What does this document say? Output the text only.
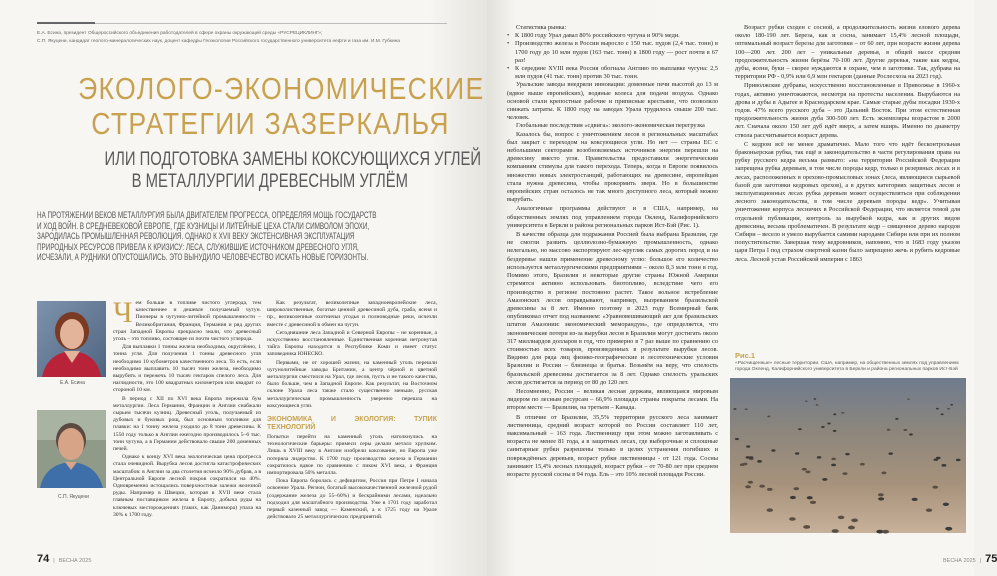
Е.А. Есина, президент Общероссийского объединения работодателей в сфере охраны окружающей среды «РУСРЕЦИКЛИНГ»;
С.П. Якуцени, кандидат геолого-минералогических наук, доцент кафедры Геоэкологии Российского государственного университета нефти и газа им. И.М. Губкина
ЭКОЛОГО-ЭКОНОМИЧЕСКИЕ
СТРАТЕГИИ ЗАЗЕРКАЛЬЯ
ИЛИ ПОДГОТОВКА ЗАМЕНЫ КОКСУЮЩИХСЯ УГЛЕЙ
В МЕТАЛЛУРГИИ ДРЕВЕСНЫМ УГЛЁМ
НА ПРОТЯЖЕНИИ ВЕКОВ МЕТАЛЛУРГИЯ БЫЛА ДВИГАТЕЛЕМ ПРОГРЕССА, ОПРЕДЕЛЯЯ МОЩЬ ГОСУДАРСТВ
И ХОД ВОЙН. В СРЕДНЕВЕКОВОЙ ЕВРОПЕ, ГДЕ КУЗНИЦЫ И ЛИТЕЙНЫЕ ЦЕХА СТАЛИ СИМВОЛОМ ЭПОХИ,
ЗАРОДИЛАСЬ ПРОМЫШЛЕННАЯ РЕВОЛЮЦИЯ. ОДНАКО К XVII ВЕКУ ЭКСТЕНСИВНАЯ ЭКСПЛУАТАЦИЯ
ПРИРОДНЫХ РЕСУРСОВ ПРИВЕЛА К КРИЗИСУ: ЛЕСА, СЛУЖИВШИЕ ИСТОЧНИКОМ ДРЕВЕСНОГО УГЛЯ,
ИСЧЕЗАЛИ, А РУДНИКИ ОПУСТОШАЛИСЬ. ЭТО ВЫНУДИЛО ЧЕЛОВЕЧЕСТВО ИСКАТЬ НОВЫЕ ГОРИЗОНТЫ.
Е.А. Есина
С.П. Якуцени
Ч ем больше в топливе чистого углерода, тем качественнее и дешевле получаемый чугун. Пионеры в чугунно-литейной промышленности – Великобритания, Франция, Германия и ряд других стран Западной Европы прекрасно знали, что древесный уголь – это топливо, состоящее из почти чистого углерода.

Для выплавки 1 тонны железа необходима, округлённо, 1 тонна угля. Для получения 1 тонны древесного угля необходимо 10 кубометров качественного леса. То есть, если необходимо выплавить 10 тысяч тонн железа, необходимо вырубить и пережечь 10 тысяч гектаров спелого леса. Для наглядности, это 100 квадратных километров или квадрат со стороной 10 км.

В период с XII по XVI века Европа пережила бум металлургии. Леса Германии, Франции и Англии снабжали сырьем тысячи кузниц. Древесный уголь, получаемый из дубовых и буковых рощ, был основным топливом для плавки: на 1 тонну железа уходило до 8 тонн древесины. К 1550 году только в Англии ежегодно производилось 5–6 тыс. тонн чугуна, а в Германии действовало свыше 200 доменных печей.

Однако к концу XVI века экологическая цена прогресса стала очевидной. Вырубка лесов достигла катастрофических масштабов: в Англии за два столетия исчезло 90% дубрав, а в Центральной Европе лесной покров сократился на 40%. Одновременно истощались поверхностные залежи железной руды. Например в Швеции, которая в XVII веке стала главным поставщиком железа в Европу, добыча руды на ключевых месторождениях (таких, как Даннмора) упала на 30% к 1700 году.

Как результат, великолепные западноевропейские леса, широколиственные, богатые ценной древесиной дуба, граба, ясеня и пр., великолепные охотничьи угодья и полноводные реки, исчезли вместе с древесиной в обмен на чугун.

Сегодняшние леса Западной и Северной Европы – не коренные, а искусственно восстановленные. Единственная коренная нетронутая тайга Европы находится в Республике Коми и имеет статус заповедника ЮНЕСКО.

Первыми, не от хорошей жизни, на каменный уголь перешли чугунолитейные заводы Британии, а центр чёрной и цветной металлургии сместился на Урал, где лесов, пусть и не такого качества, было больше, чем в Западной Европе. Как результат, на Восточном склоне Урала леса также стало существенно меньше, русская металлургическая промышленность уверенно перешла на коксующиеся угли.

ЭКОНОМИКА И ЭКОЛОГИЯ: ТУПИК ТЕХНОЛОГИЙ

Попытки перейти на каменный уголь натолкнулись на технологические барьеры: примеси серы делали металл хрупким. Лишь в XVIII веку в Англии изобрели коксование, но Европа уже потеряла лидерство. К 1700 году производство железа в Германии сократилось вдвое по сравнению с пиком XVI века, а Франция импортировала 50% металла.

Пока Европа боролась с дефицитом, Россия при Петре I начала освоение Урала. Регион, богатый высококачественной железной рудой (содержание железа до 55–60%) и бескрайними лесами, идеально подходил для масштабного производства. Уже в 1701 году заработал первый казенный завод — Каменский, а к 1725 году на Урале действовало 25 металлургических предприятий.

74 | ВЕСНА 2025

Статистика рынка:

• К 1800 году Урал давал 80% российского чугуна и 90% меди.
• Производство железа в России выросло с 150 тыс. пудов (2,4 тыс. тонн) в 1700 году до 10 млн пудов (163 тыс. тонн) в 1800 году — рост почти в 67 раз!
• К середине XVIII века Россия обогнала Англию по выплавке чугуна: 2,5 млн пудов (41 тыс. тонн) против 30 тыс. тонн.

Уральские заводы внедряли инновации: доменные печи высотой до 13 м (вдвое выше европейских), водяные колеса для подачи воздуха. Однако основой стали крепостные рабочие и приписные крестьяне, что позволяло снижать затраты. К 1800 году на заводах Урала трудилось свыше 200 тыс. человек.

Глобальные последствия «сдвига»: эколого-экономическая перегрузка

Казалось бы, вопрос с уничтожением лесов в региональных масштабах был закрыт с переходом на коксующиеся угли. Но нет — страны ЕС с небольшими секторами возобновляемых источников энергии перешли на древесину вместо угля. Правительства предоставили энергетическим компаниям стимулы для такого перехода. Теперь, когда в Европе появилось множество новых электростанций, работающих на древесине, европейцам стала нужна древесина, чтобы прокормить зверя. Но в большинстве европейских стран осталось не так много доступного леса, который можно вырубать.

Аналогичные программы действуют и в США, например, на общественных землях под управлением города Окленд, Калифорнийского университета в Беркли и района региональных парков Ист-Бэй (Рис. 1).

В качестве образца для подражания Россией была выбрана Бразилия, где не смогли развить целлюлозно-бумажную промышленность, однако нелегально, но массово экспортируют лес-кругляк самых дорогих пород и на бездеревье нашли применение древесному углю: большое его количество используется металлургическими предприятиями – около 8,3 млн тонн в год. Помимо этого, Бразилия и некоторые другие страны Южной Америки стремятся активно использовать биотопливо, вследствие чего его производство в регионе постоянно растет. Такое вольное истребление Амазонских лесов оправдывают, например, вызреванием бразильской древесины за 8 лет. Именно поэтому в 2023 году Всемирный банк опубликовал отчет под названием: «Уравновешивающий акт для бразильских штатов Амазонии: экономический меморандум», где определяется, что экономические потери из-за вырубки лесов в Бразилии могут достигать около 317 миллиардов долларов в год, что примерно в 7 раз выше по сравнению со стоимостью всех товаров, произведенных в результате вырубки лесов. Видимо для ряда лиц физико-географические и лесотехнические условия Бразилии и России – близнецы и братья. Возьмём на веру, что спелость бразильской древесины достигается за 8 лет. Однако спелость уральских лесов достигается за период от 80 до 120 лет.

Несомненно, Россия – великая лесная держава, являющаяся мировым лидером по лесным ресурсам – 66,9% площади страны покрыты лесами. На втором месте — Бразилия, на третьем – Канада.

В отличие от Бразилии, 35,5% территории русского леса занимает лиственница, средний возраст которой по России составляет 110 лет, максимальный – 163 года. Лиственницу при этом можно заготавливать с возраста не менее 81 года, а в защитных лесах, где выборочные и сплошные санитарные рубки разрешены только в целях устранения погибших и повреждённых деревьев, возраст рубки лиственницы - от 121 года. Сосны занимают 15,4% лесных площадей, возраст рубки – от 70-80 лет при среднем возрасте русской сосны в 94 года. Ель – это 10% лесной площади России.

Возраст рубки сходен с сосной, а продолжительность жизни елового дерева около 180-190 лет. Береза, как и сосна, занимает 15,4% лесной площади, оптимальный возраст березы для заготовки – от 60 лет, при возрасте жизни дерева 100—200 лет. 200 лет – уникальные деревья, в общей массе средняя продолжительность жизни берёзы 70-100 лет. Другие деревья, такие как кедры, дубы, ясени, буки – скорее нуждаются в охране, чем в заготовке. Так, дубрава на территории РФ - 0,9% или 6,9 млн гектаров (данные Рослесхоза на 2023 год).

Приволжские дубравы, искусственно восстановленные в Приволжье в 1960-х годах, активно уничтожаются, несмотря на протесты населения. Вырубаются на дрова и дубы в Адыгее и Краснодарском крае. Самые старые дубы посадки 1930-х годов. 47% всего русского дуба – это Дальний Восток. При этом естественная продолжительность жизни дуба 300-500 лет. Есть экземпляры возрастом в 2000 лет. Сначала около 150 лет дуб идёт вверх, а затем вширь. Именно по диаметру ствола рассчитывается возраст дерева.

С кедром всё не менее драматично. Мало того что идёт бесконтрольная браконьерская рубка, так ещё и законодательство в части регулирования права на рубку русского кедра весьма размыто: «на территории Российской Федерации запрещена рубка деревьев, в том числе породы кедр, только в резервных лесах и в лесах, расположенных в орехово-промысловых зонах (леса, являющиеся сырьевой базой для заготовки кедровых орехов), а в других категориях защитных лесов и эксплуатационных лесах рубка деревьев может осуществляться при соблюдении лесного законодательства, в том числе деревьев породы кедр». Учитывая уничтожение корпуса лесничих в Российской Федерации, что является темой для отдельной публикации, контроль за вырубкой кедра, как и других видов древесины, весьма проблематичен. В результате кедр – священное дерево народов Сибири – весело и умело вырубается самими народами Сибири или при их полном попустительстве. Завершая тему кедровников, напомню, что в 1683 году указом царя Петра I под страхом смертной казни было запрещено жечь и рубить кедровые леса. Лесной устав Российской империи с 1863

ВЕСНА 2025 | 75
Рис.1
«Расчищенные» лесные территории. США, например, на общественных землях под управлением города Окленд, Калифорнийского университета в Беркли и района региональных парков Ист-Бэй
